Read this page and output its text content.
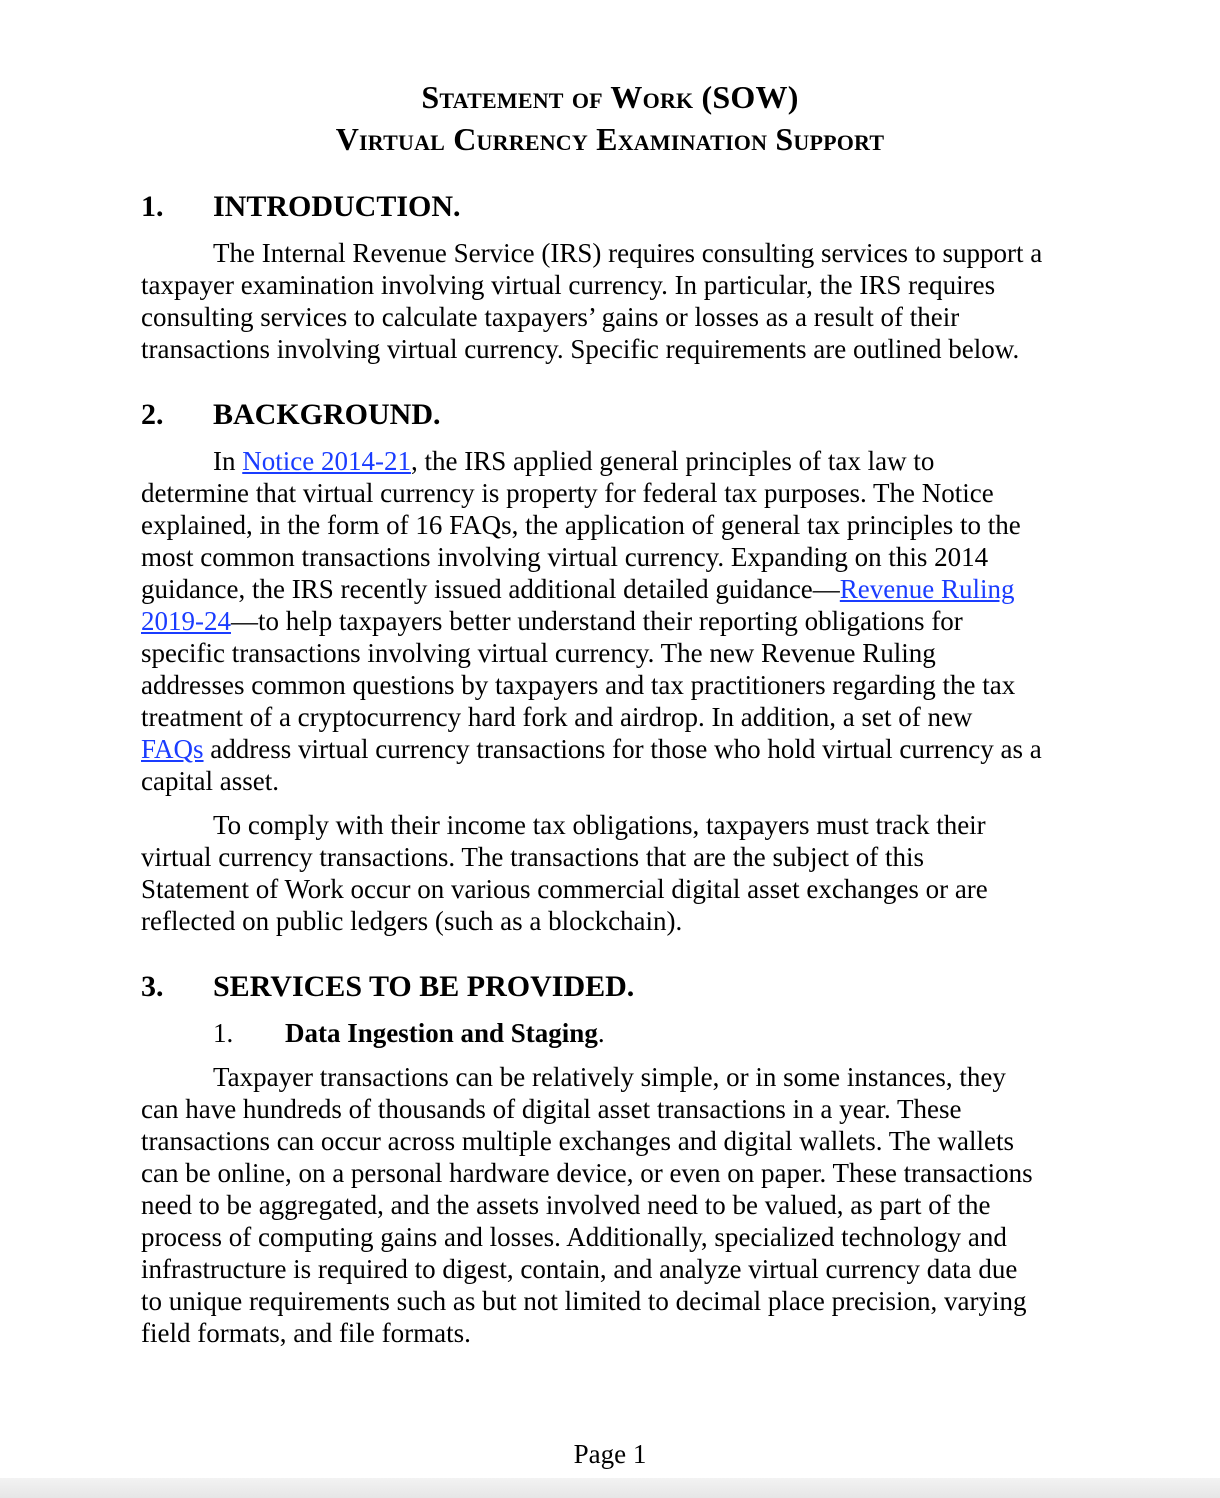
Statement of Work (SOW)
Virtual Currency Examination Support
1. INTRODUCTION.
The Internal Revenue Service (IRS) requires consulting services to support a
taxpayer examination involving virtual currency. In particular, the IRS requires
consulting services to calculate taxpayers’ gains or losses as a result of their
transactions involving virtual currency. Specific requirements are outlined below.
2. BACKGROUND.
In Notice 2014-21, the IRS applied general principles of tax law to
determine that virtual currency is property for federal tax purposes. The Notice
explained, in the form of 16 FAQs, the application of general tax principles to the
most common transactions involving virtual currency. Expanding on this 2014
guidance, the IRS recently issued additional detailed guidance—Revenue Ruling
2019-24—to help taxpayers better understand their reporting obligations for
specific transactions involving virtual currency. The new Revenue Ruling
addresses common questions by taxpayers and tax practitioners regarding the tax
treatment of a cryptocurrency hard fork and airdrop. In addition, a set of new
FAQs address virtual currency transactions for those who hold virtual currency as a
capital asset.
To comply with their income tax obligations, taxpayers must track their
virtual currency transactions. The transactions that are the subject of this
Statement of Work occur on various commercial digital asset exchanges or are
reflected on public ledgers (such as a blockchain).
3. SERVICES TO BE PROVIDED.
1. Data Ingestion and Staging.
Taxpayer transactions can be relatively simple, or in some instances, they
can have hundreds of thousands of digital asset transactions in a year. These
transactions can occur across multiple exchanges and digital wallets. The wallets
can be online, on a personal hardware device, or even on paper. These transactions
need to be aggregated, and the assets involved need to be valued, as part of the
process of computing gains and losses. Additionally, specialized technology and
infrastructure is required to digest, contain, and analyze virtual currency data due
to unique requirements such as but not limited to decimal place precision, varying
field formats, and file formats.
Page 1
